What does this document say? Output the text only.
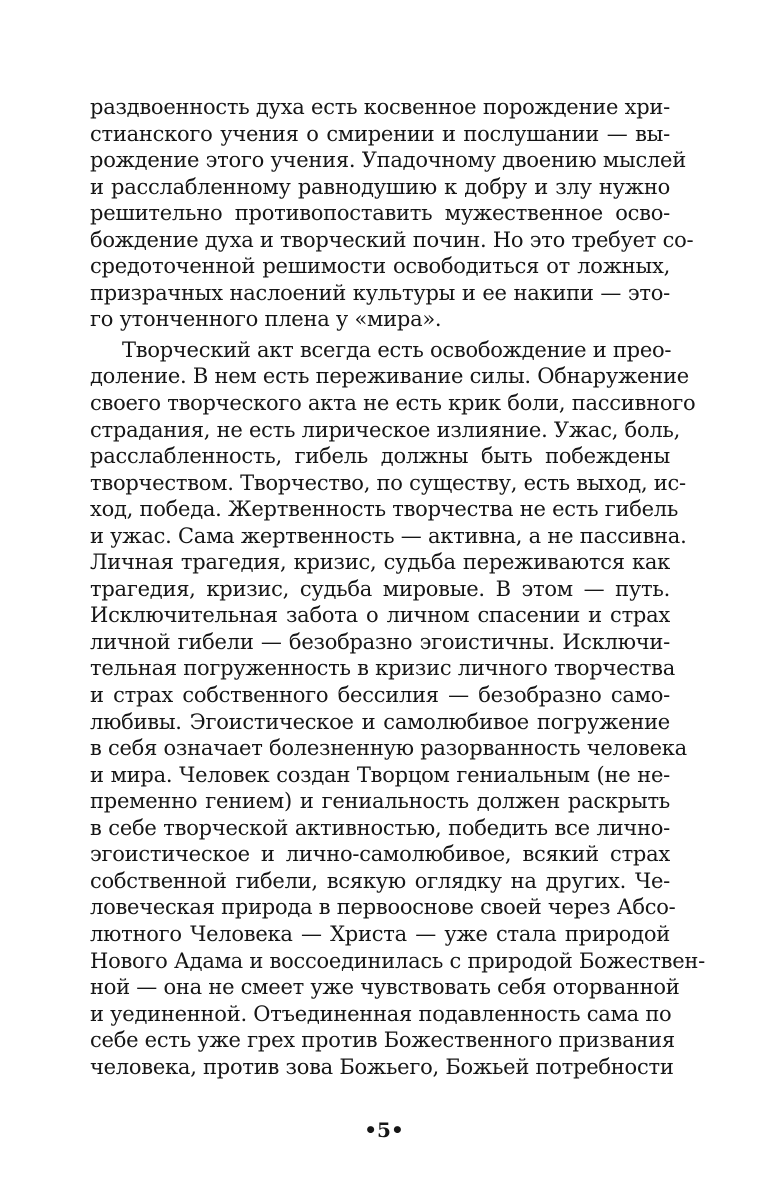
раздвоенность духа есть косвенное порождение хри-
стианского учения о смирении и послушании — вы-
рождение этого учения. Упадочному двоению мыслей
и расслабленному равнодушию к добру и злу нужно
решительно противопоставить мужественное осво-
бождение духа и творческий почин. Но это требует со-
средоточенной решимости освободиться от ложных,
призрачных наслоений культуры и ее накипи — это-
го утонченного плена у «мира».
Творческий акт всегда есть освобождение и прео-
доление. В нем есть переживание силы. Обнаружение
своего творческого акта не есть крик боли, пассивного
страдания, не есть лирическое излияние. Ужас, боль,
расслабленность, гибель должны быть побеждены
творчеством. Творчество, по существу, есть выход, ис-
ход, победа. Жертвенность творчества не есть гибель
и ужас. Сама жертвенность — активна, а не пассивна.
Личная трагедия, кризис, судьба переживаются как
трагедия, кризис, судьба мировые. В этом — путь.
Исключительная забота о личном спасении и страх
личной гибели — безобразно эгоистичны. Исключи-
тельная погруженность в кризис личного творчества
и страх собственного бессилия — безобразно само-
любивы. Эгоистическое и самолюбивое погружение
в себя означает болезненную разорванность человека
и мира. Человек создан Творцом гениальным (не не-
пременно гением) и гениальность должен раскрыть
в себе творческой активностью, победить все лично-
эгоистическое и лично-самолюбивое, всякий страх
собственной гибели, всякую оглядку на других. Че-
ловеческая природа в первооснове своей через Абсо-
лютного Человека — Христа — уже стала природой
Нового Адама и воссоединилась с природой Божествен-
ной — она не смеет уже чувствовать себя оторванной
и уединенной. Отъединенная подавленность сама по
себе есть уже грех против Божественного призвания
человека, против зова Божьего, Божьей потребности
•5•
